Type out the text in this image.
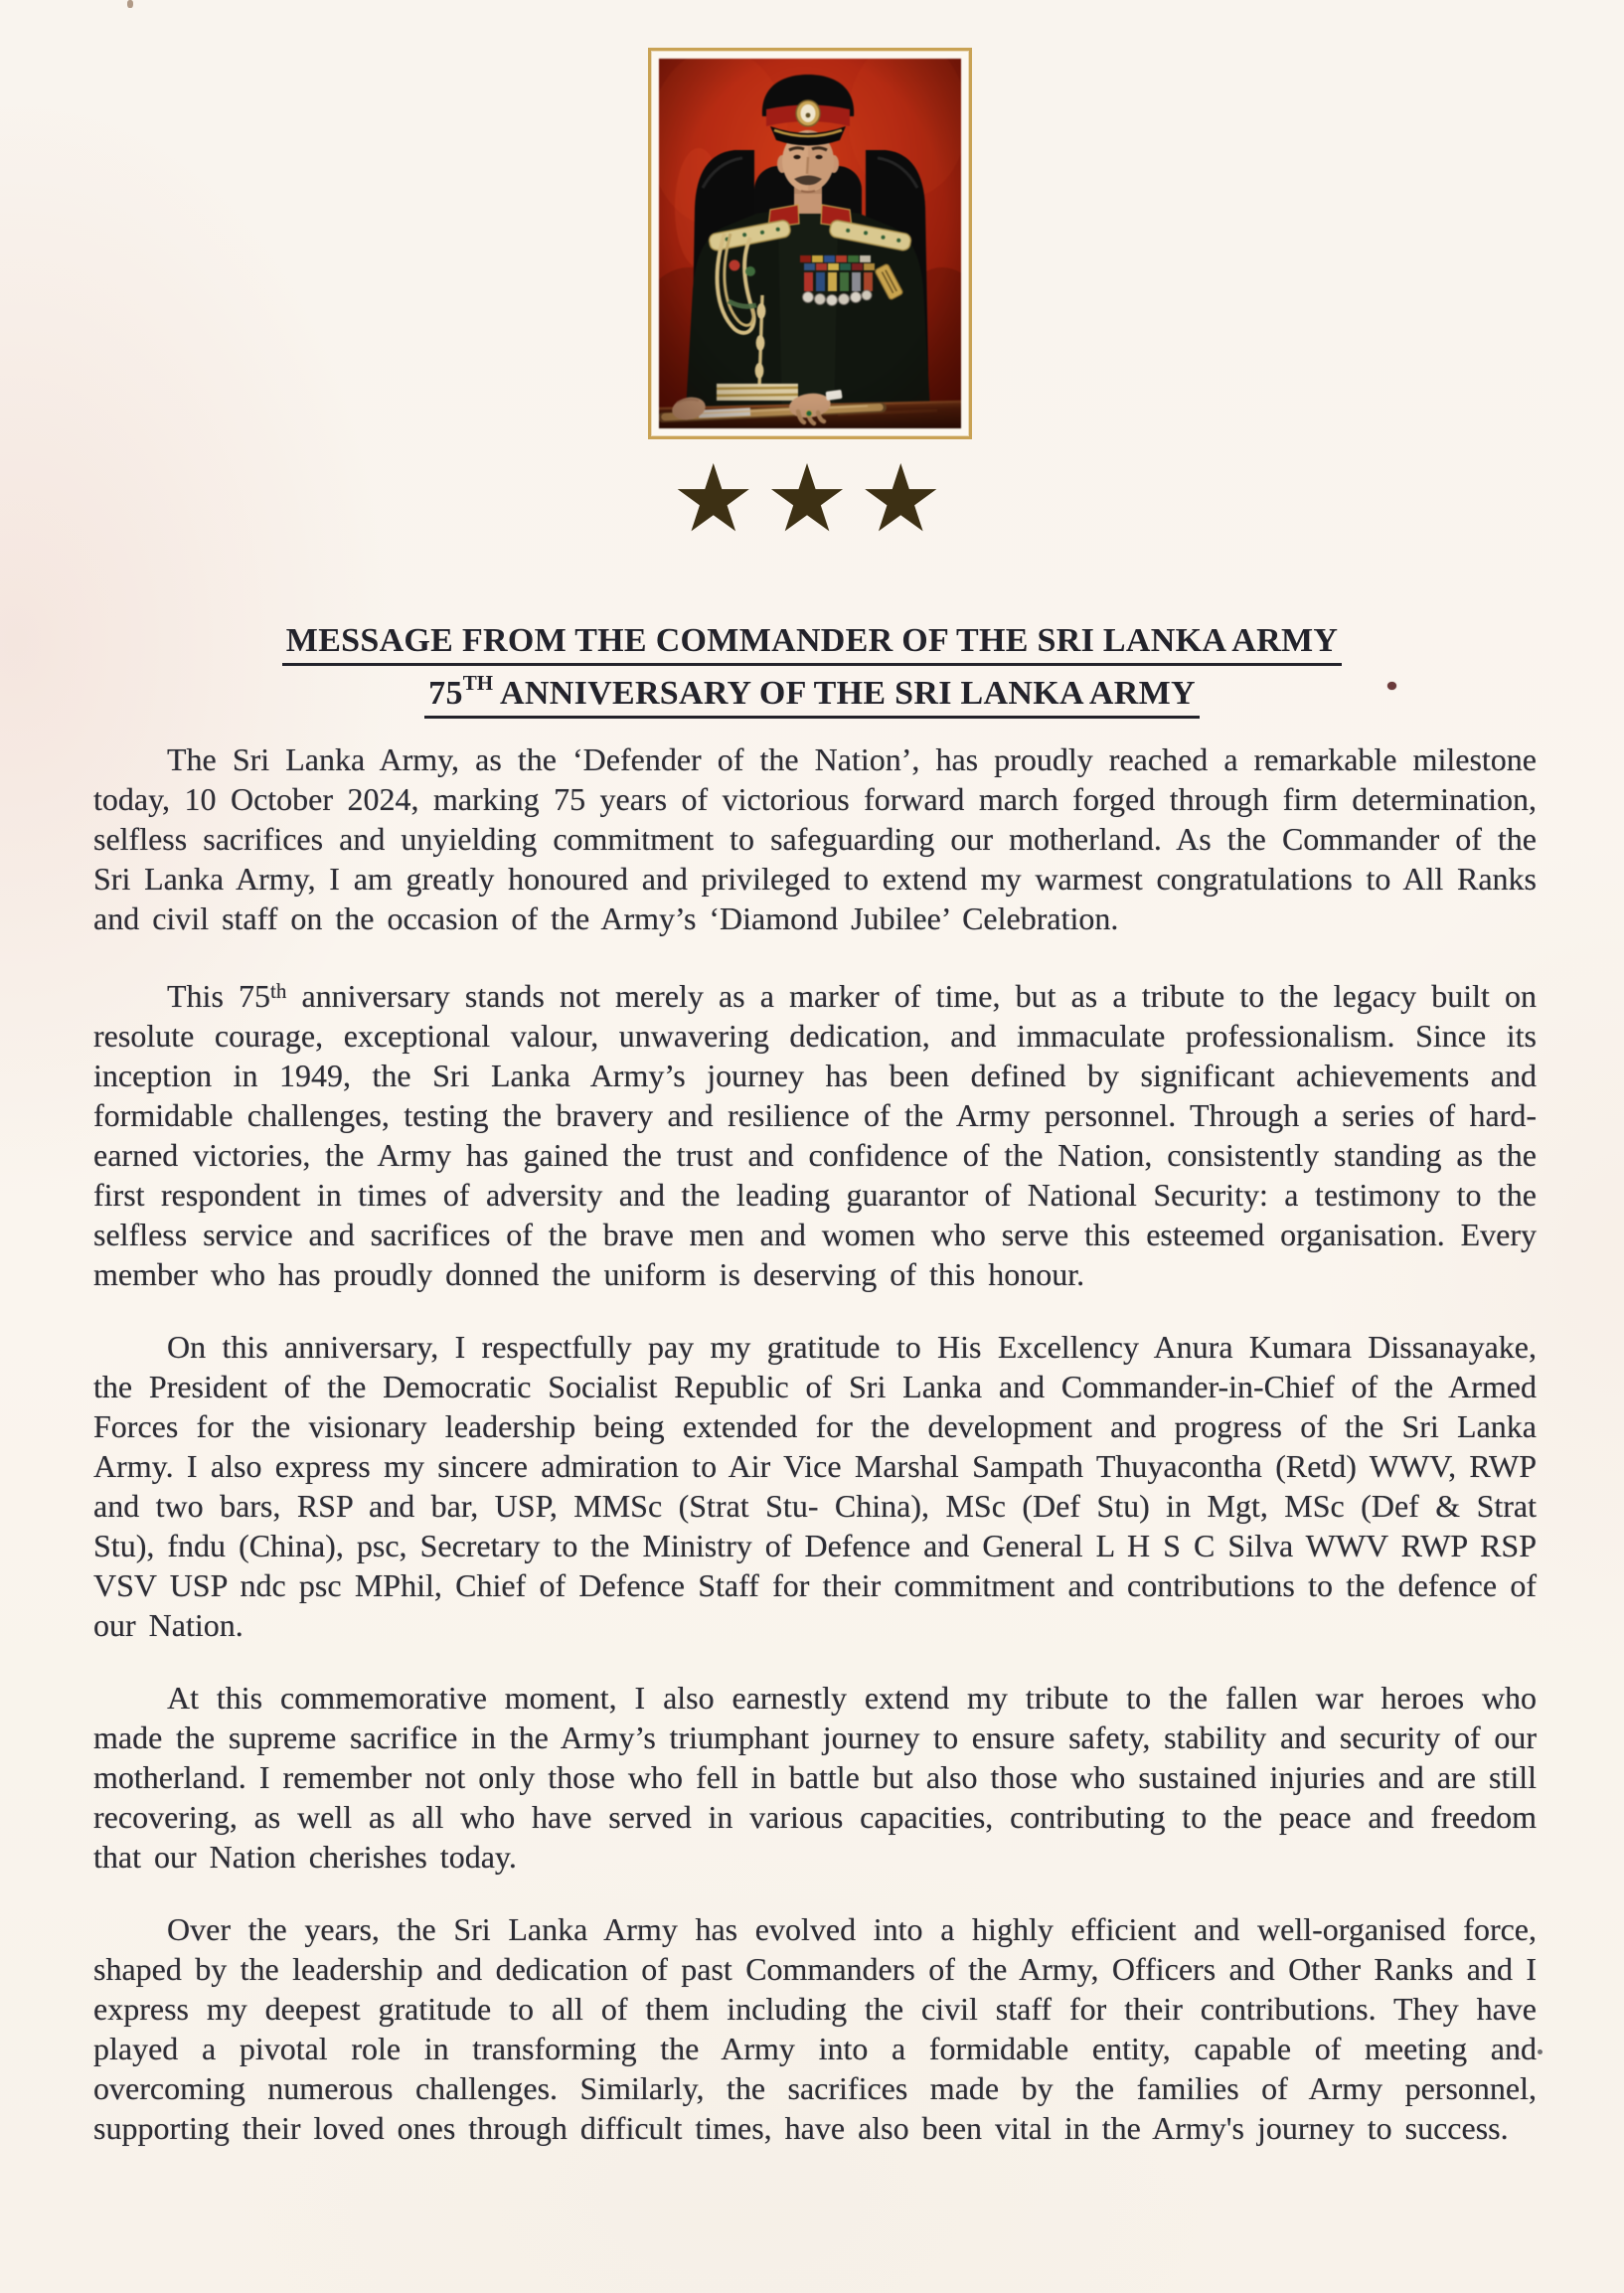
★★★
MESSAGE FROM THE COMMANDER OF THE SRI LANKA ARMY
75TH ANNIVERSARY OF THE SRI LANKA ARMY

The Sri Lanka Army, as the ‘Defender of the Nation’, has proudly reached a remarkable milestone today, 10 October 2024, marking 75 years of victorious forward march forged through firm determination, selfless sacrifices and unyielding commitment to safeguarding our motherland. As the Commander of the Sri Lanka Army, I am greatly honoured and privileged to extend my warmest congratulations to All Ranks and civil staff on the occasion of the Army’s ‘Diamond Jubilee’ Celebration.

This 75th anniversary stands not merely as a marker of time, but as a tribute to the legacy built on resolute courage, exceptional valour, unwavering dedication, and immaculate professionalism. Since its inception in 1949, the Sri Lanka Army’s journey has been defined by significant achievements and formidable challenges, testing the bravery and resilience of the Army personnel. Through a series of hard-earned victories, the Army has gained the trust and confidence of the Nation, consistently standing as the first respondent in times of adversity and the leading guarantor of National Security: a testimony to the selfless service and sacrifices of the brave men and women who serve this esteemed organisation. Every member who has proudly donned the uniform is deserving of this honour.

On this anniversary, I respectfully pay my gratitude to His Excellency Anura Kumara Dissanayake, the President of the Democratic Socialist Republic of Sri Lanka and Commander-in-Chief of the Armed Forces for the visionary leadership being extended for the development and progress of the Sri Lanka Army. I also express my sincere admiration to Air Vice Marshal Sampath Thuyacontha (Retd) WWV, RWP and two bars, RSP and bar, USP, MMSc (Strat Stu- China), MSc (Def Stu) in Mgt, MSc (Def & Strat Stu), fndu (China), psc, Secretary to the Ministry of Defence and General L H S C Silva WWV RWP RSP VSV USP ndc psc MPhil, Chief of Defence Staff for their commitment and contributions to the defence of our Nation.

At this commemorative moment, I also earnestly extend my tribute to the fallen war heroes who made the supreme sacrifice in the Army’s triumphant journey to ensure safety, stability and security of our motherland. I remember not only those who fell in battle but also those who sustained injuries and are still recovering, as well as all who have served in various capacities, contributing to the peace and freedom that our Nation cherishes today.

Over the years, the Sri Lanka Army has evolved into a highly efficient and well-organised force, shaped by the leadership and dedication of past Commanders of the Army, Officers and Other Ranks and I express my deepest gratitude to all of them including the civil staff for their contributions. They have played a pivotal role in transforming the Army into a formidable entity, capable of meeting and overcoming numerous challenges. Similarly, the sacrifices made by the families of Army personnel, supporting their loved ones through difficult times, have also been vital in the Army's journey to success.
